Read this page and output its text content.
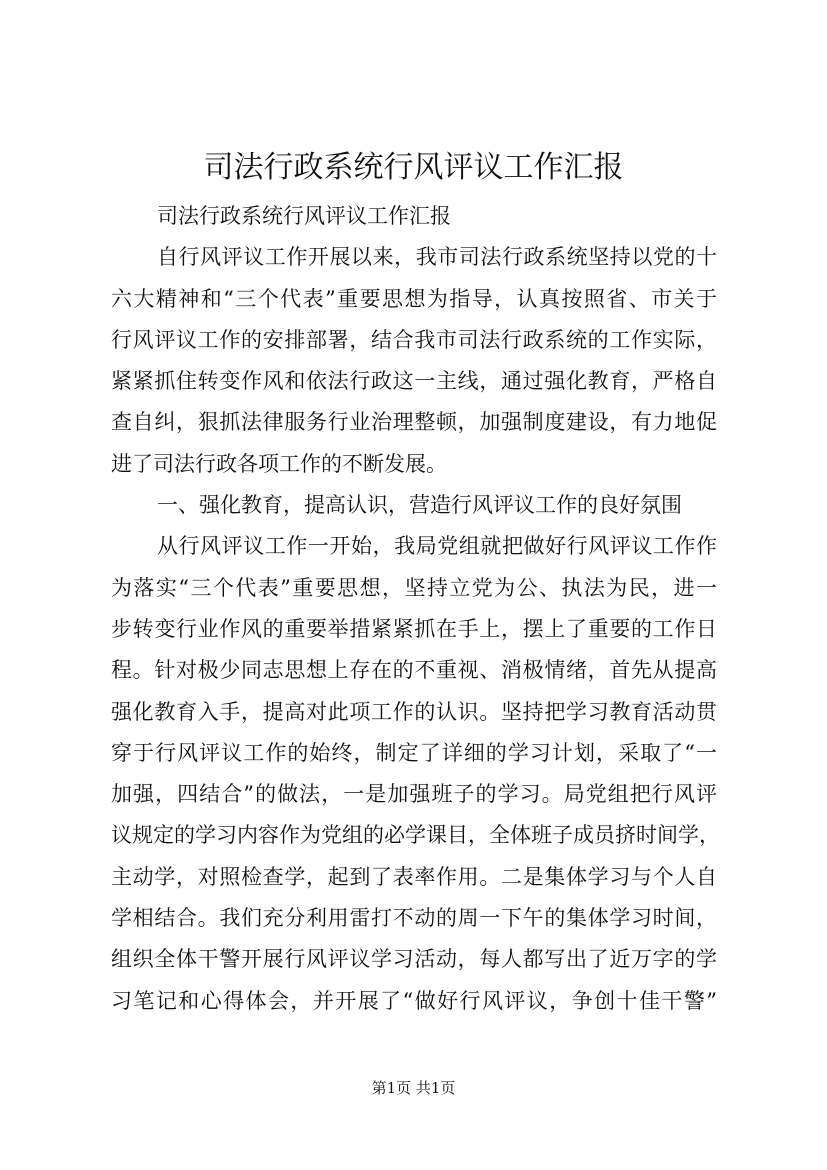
司法行政系统行风评议工作汇报
司法行政系统行风评议工作汇报
自行风评议工作开展以来，我市司法行政系统坚持以党的十
六大精神和“三个代表”重要思想为指导，认真按照省、市关于
行风评议工作的安排部署，结合我市司法行政系统的工作实际，
紧紧抓住转变作风和依法行政这一主线，通过强化教育，严格自
查自纠，狠抓法律服务行业治理整顿，加强制度建设，有力地促
进了司法行政各项工作的不断发展。
一、强化教育，提高认识，营造行风评议工作的良好氛围
从行风评议工作一开始，我局党组就把做好行风评议工作作
为落实“三个代表”重要思想，坚持立党为公、执法为民，进一
步转变行业作风的重要举措紧紧抓在手上，摆上了重要的工作日
程。针对极少同志思想上存在的不重视、消极情绪，首先从提高
强化教育入手，提高对此项工作的认识。坚持把学习教育活动贯
穿于行风评议工作的始终，制定了详细的学习计划，采取了“一
加强，四结合”的做法，一是加强班子的学习。局党组把行风评
议规定的学习内容作为党组的必学课目，全体班子成员挤时间学，
主动学，对照检查学，起到了表率作用。二是集体学习与个人自
学相结合。我们充分利用雷打不动的周一下午的集体学习时间，
组织全体干警开展行风评议学习活动，每人都写出了近万字的学
习笔记和心得体会，并开展了“做好行风评议，争创十佳干警”
第1页 共1页
